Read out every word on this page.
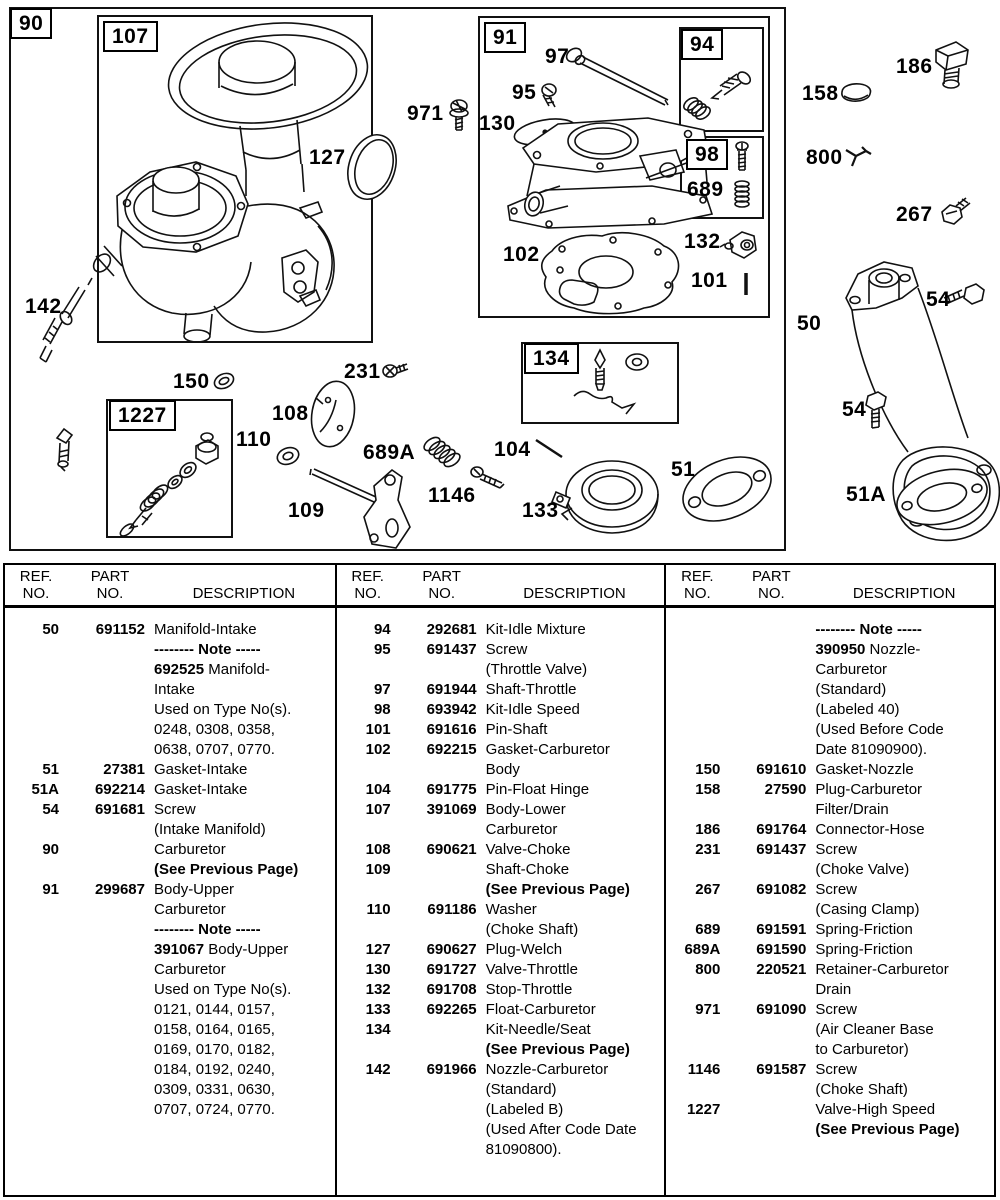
90
107
127
971
91
97
95
130
94
98
689
132
101
102
186
158
800
267
54
50
54
51A
51
142
150
1227
231
108
110
689A	104
1146
109	133
134
REF.
NO.
PART
NO.	DESCRIPTION
50	691152 Manifold-Intake
-------- Note -----
692525 Manifold-
Intake
Used on Type No(s).
0248, 0308, 0358,
0638, 0707, 0770.
51	27381 Gasket-Intake
51A	692214 Gasket-Intake
54	691681 Screw
(Intake Manifold)
90	Carburetor
(See Previous Page)
91	299687 Body-Upper
Carburetor
-------- Note -----
391067 Body-Upper
Carburetor
Used on Type No(s).
0121, 0144, 0157,
0158, 0164, 0165,
0169, 0170, 0182,
0184, 0192, 0240,
0309, 0331, 0630,
0707, 0724, 0770.
REF.
NO.
PART
NO.	DESCRIPTION
94	292681 Kit-Idle Mixture
95	691437 Screw
(Throttle Valve)
97	691944 Shaft-Throttle
98	693942 Kit-Idle Speed
101	691616 Pin-Shaft
102	692215 Gasket-Carburetor
Body
104	691775 Pin-Float Hinge
107	391069 Body-Lower
Carburetor
108	690621 Valve-Choke
109	Shaft-Choke
(See Previous Page)
110	691186 Washer
(Choke Shaft)
127	690627 Plug-Welch
130	691727 Valve-Throttle
132	691708 Stop-Throttle
133	692265 Float-Carburetor
134	Kit-Needle/Seat
(See Previous Page)
142	691966 Nozzle-Carburetor
(Standard)
(Labeled B)
(Used After Code Date
81090800).
REF.
NO.
PART
NO.	DESCRIPTION
-------- Note -----
390950 Nozzle-
Carburetor
(Standard)
(Labeled 40)
(Used Before Code
Date 81090900).
150	691610 Gasket-Nozzle
158	27590 Plug-Carburetor
Filter/Drain
186	691764 Connector-Hose
231	691437 Screw
(Choke Valve)
267	691082 Screw
(Casing Clamp)
689	691591 Spring-Friction
689A	691590 Spring-Friction
800	220521 Retainer-Carburetor
Drain
971	691090 Screw
(Air Cleaner Base
to Carburetor)
1146	691587 Screw
(Choke Shaft)
1227	Valve-High Speed
(See Previous Page)
